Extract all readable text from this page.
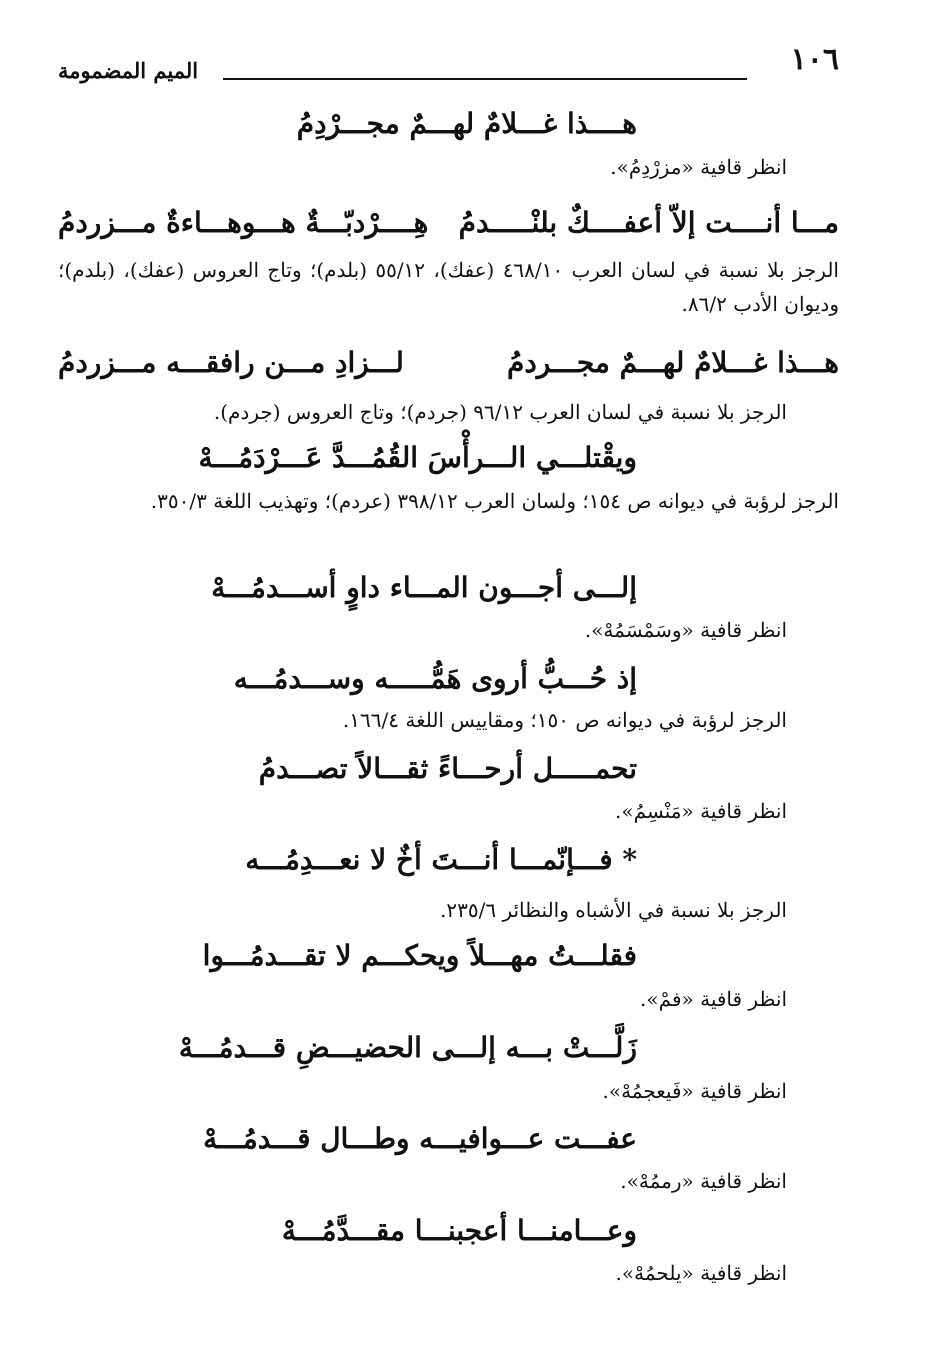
١٠٦
الميم المضمومة
هــــذا غـــلامٌ لهـــمٌ مجـــرْدِمُ
انظر قافية «مزرْدِمُ».
مـــا أنــــت إلاّ أعفــــكٌ بلنْـــــدمُ
هِــــرْدبّـــةٌ هـــوهـــاءةٌ مـــزردمُ
الرجز بلا نسبة في لسان العرب ٤٦٨/١٠ (عفك)، ٥٥/١٢ (بلدم)؛ وتاج العروس (عفك)، (بلدم)؛ وديوان الأدب ٨٦/٢.
هـــذا غـــلامٌ لهـــمٌ مجـــردمُ
لـــزادِ مـــن رافقـــه مـــزردمُ
الرجز بلا نسبة في لسان العرب ٩٦/١٢ (جردم)؛ وتاج العروس (جردم).
ويقْتلـــي الـــرأْسَ القُمُـــدَّ عَـــرْدَمُـــهْ
الرجز لرؤبة في ديوانه ص ١٥٤؛ ولسان العرب ٣٩٨/١٢ (عردم)؛ وتهذيب اللغة ٣٥٠/٣.
إلـــى أجـــون المـــاء داوٍ أســـدمُـــهْ
انظر قافية «وسَمْسَمُهْ».
إذ حُـــبُّ أروى هَمُّـــــه وســـدمُـــه
الرجز لرؤبة في ديوانه ص ١٥٠؛ ومقاييس اللغة ١٦٦/٤.
تحمـــــل أرحـــاءً ثقـــالاً تصـــدمُ
انظر قافية «مَنْسِمُ».
* فـــإنّمـــا أنـــتَ أخٌ لا نعـــدِمُـــه
الرجز بلا نسبة في الأشباه والنظائر ٢٣٥/٦.
فقلـــتُ مهـــلاً ويحكـــم لا تقـــدمُـــوا
انظر قافية «فمْ».
زَلَّـــتْ بـــه إلـــى الحضيـــضِ قـــدمُـــهْ
انظر قافية «فَيعجمُهْ».
عفـــت عـــوافيـــه وطـــال قـــدمُـــهْ
انظر قافية «رممُهْ».
وعـــامنـــا أعجبنـــا مقـــدَّمُـــهْ
انظر قافية «يلحمُهْ».
